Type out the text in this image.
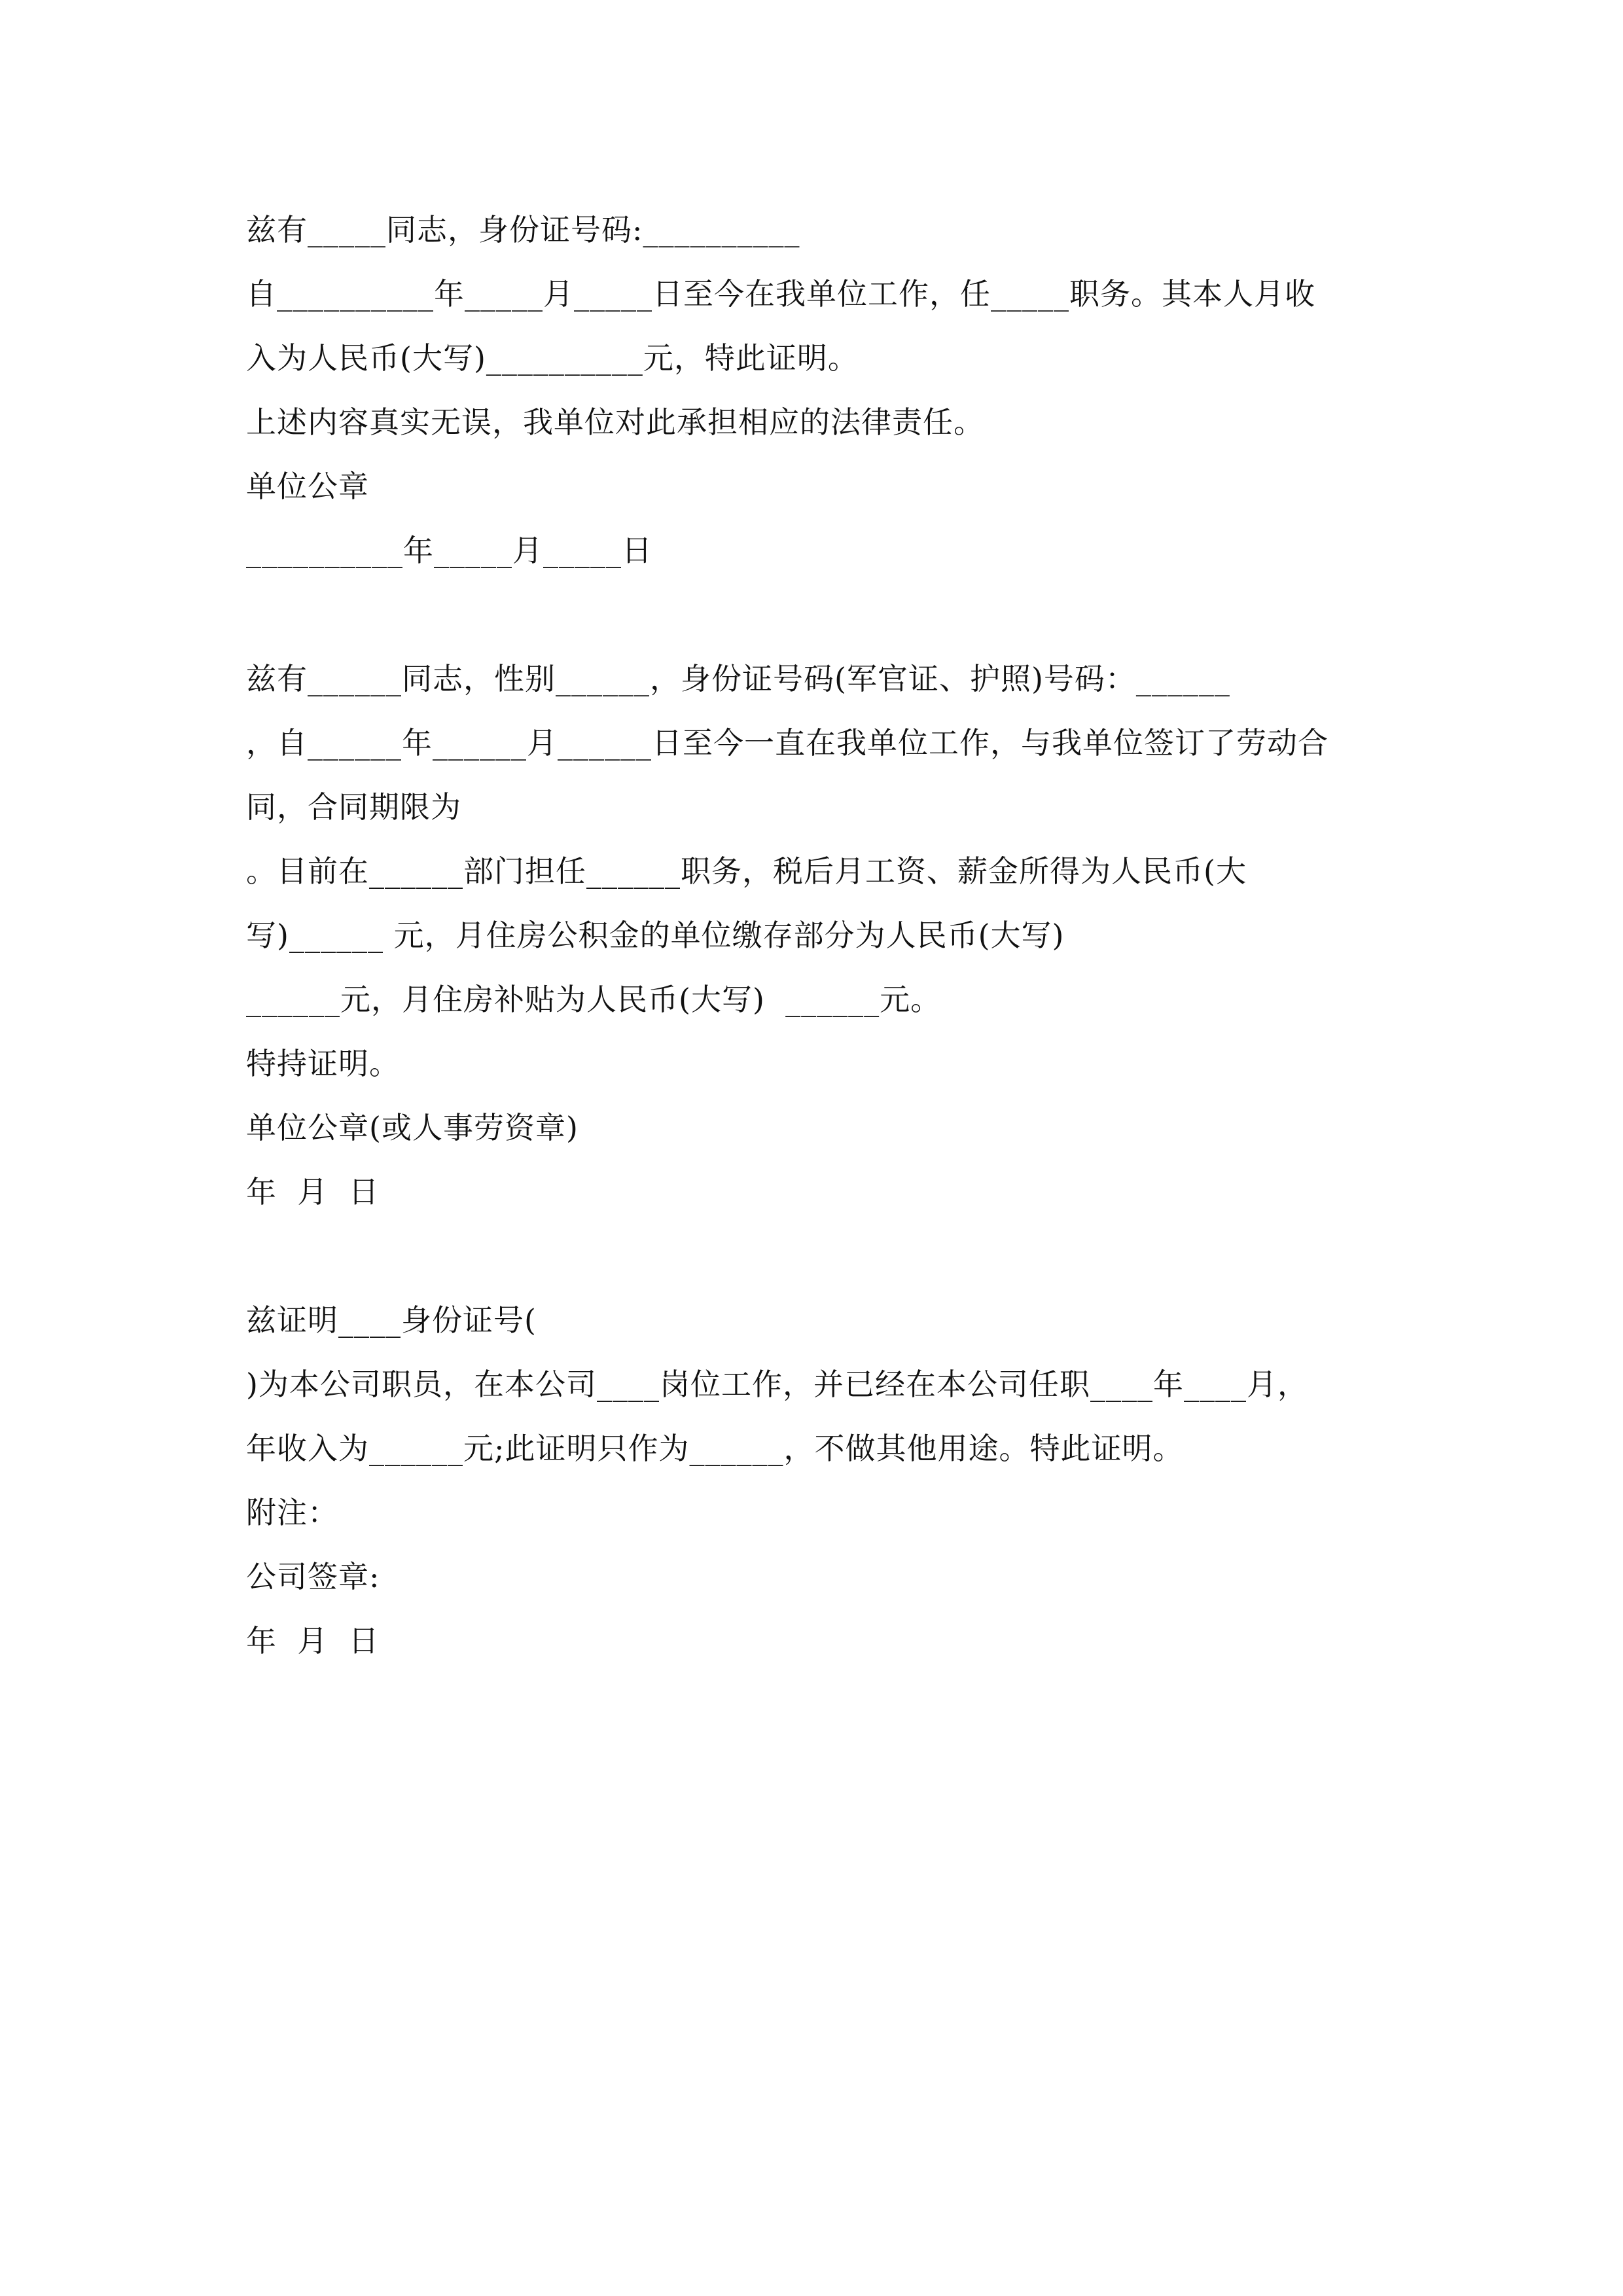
兹有_____同志，身份证号码:__________
自__________年_____月_____日至今在我单位工作，任_____职务。其本人月收
入为人民币(大写)__________元，特此证明。
上述内容真实无误，我单位对此承担相应的法律责任。
单位公章
__________年_____月_____日
兹有______同志，性别______，身份证号码(军官证、护照)号码：______
，自______年______月______日至今一直在我单位工作，与我单位签订了劳动合
同，合同期限为
。目前在______部门担任______职务，税后月工资、薪金所得为人民币(大
写)______ 元，月住房公积金的单位缴存部分为人民币(大写)
______元，月住房补贴为人民币(大写)  ______元。
特持证明。
单位公章(或人事劳资章)
年  月  日
兹证明____身份证号(
)为本公司职员，在本公司____岗位工作，并已经在本公司任职____年____月，
年收入为______元;此证明只作为______，不做其他用途。特此证明。
附注：
公司签章:
年  月  日
